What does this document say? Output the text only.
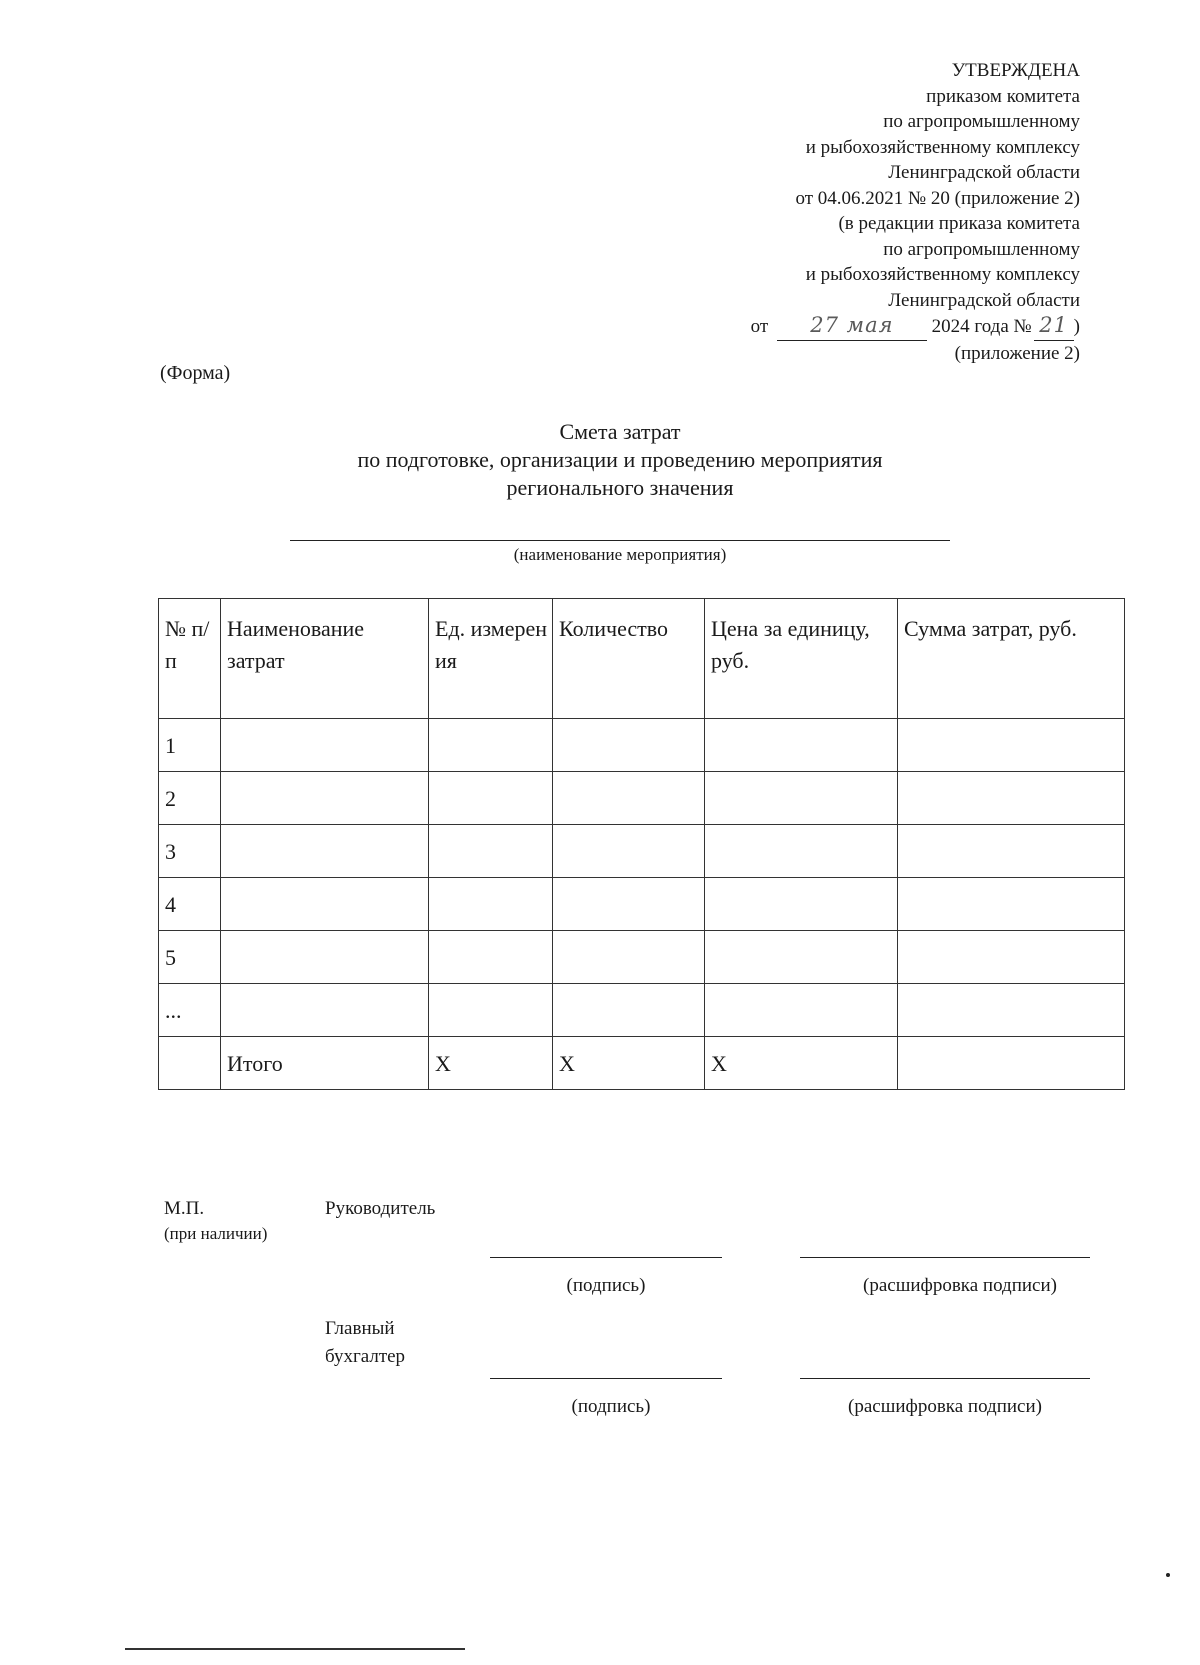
УТВЕРЖДЕНА
приказом комитета
по агропромышленному
и рыбохозяйственному комплексу
Ленинградской области
от 04.06.2021 № 20 (приложение 2)
(в редакции приказа комитета
по агропромышленному
и рыбохозяйственному комплексу
Ленинградской области
от 27 мая 2024 года № 21 )
(приложение 2)
(Форма)
Смета затрат
по подготовке, организации и проведению мероприятия
регионального значения
(наименование мероприятия)
№ п/п	Наименование затрат	Ед. измерения	Количество	Цена за единицу, руб.	Сумма затрат, руб.
1					
2					
3					
4					
5					
...					
	Итого	X	X	X	
М.П.
(при наличии)
Руководитель
(подпись)	(расшифровка подписи)
Главный
бухгалтер
(подпись)	(расшифровка подписи)
